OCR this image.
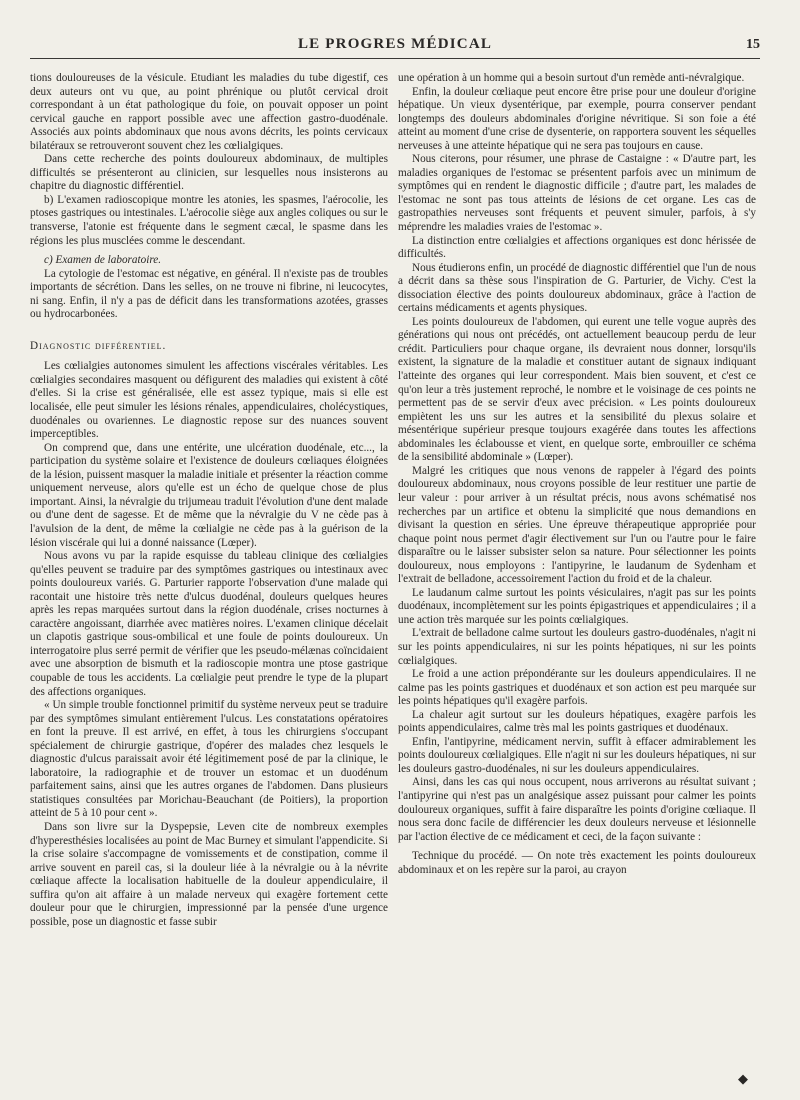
LE PROGRES MÉDICAL	15

tions douloureuses de la vésicule. Etudiant les maladies du tube digestif, ces deux auteurs ont vu que, au point phrénique ou plutôt cervical droit correspondant à un état pathologique du foie, on pouvait opposer un point cervical gauche en rapport possible avec une affection gastro-duodénale. Associés aux points abdominaux que nous avons décrits, les points cervicaux bilatéraux se retrouveront souvent chez les cœlialgiques.

Dans cette recherche des points douloureux abdominaux, de multiples difficultés se présenteront au clinicien, sur lesquelles nous insisterons au chapitre du diagnostic différentiel.

b) L'examen radioscopique montre les atonies, les spasmes, l'aérocolie, les ptoses gastriques ou intestinales. L'aérocolie siège aux angles coliques ou sur le transverse, l'atonie est fréquente dans le segment cæcal, le spasme dans les régions les plus musclées comme le descendant.

c) Examen de laboratoire.

La cytologie de l'estomac est négative, en général. Il n'existe pas de troubles importants de sécrétion. Dans les selles, on ne trouve ni fibrine, ni leucocytes, ni sang. Enfin, il n'y a pas de déficit dans les transformations azotées, grasses ou hydrocarbonées.

Diagnostic différentiel.

Les cœlialgies autonomes simulent les affections viscérales véritables. Les cœlialgies secondaires masquent ou défigurent des maladies qui existent à côté d'elles. Si la crise est généralisée, elle est assez typique, mais si elle est localisée, elle peut simuler les lésions rénales, appendiculaires, cholécystiques, duodénales ou ovariennes. Le diagnostic repose sur des nuances souvent imperceptibles.

On comprend que, dans une entérite, une ulcération duodénale, etc..., la participation du système solaire et l'existence de douleurs cœliaques éloignées de la lésion, puissent masquer la maladie initiale et présenter la réaction comme uniquement nerveuse, alors qu'elle est un écho de quelque chose de plus important. Ainsi, la névralgie du trijumeau traduit l'évolution d'une dent malade ou d'une dent de sagesse. Et de même que la névralgie du V ne cède pas à l'avulsion de la dent, de même la cœlialgie ne cède pas à la guérison de la lésion viscérale qui lui a donné naissance (Lœper).

Nous avons vu par la rapide esquisse du tableau clinique des cœlialgies qu'elles peuvent se traduire par des symptômes gastriques ou intestinaux avec points douloureux variés. G. Parturier rapporte l'observation d'une malade qui racontait une histoire très nette d'ulcus duodénal, douleurs quelques heures après les repas marquées surtout dans la région duodénale, crises nocturnes à caractère angoissant, diarrhée avec matières noires. L'examen clinique décelait un clapotis gastrique sous-ombilical et une foule de points douloureux. Un interrogatoire plus serré permit de vérifier que les pseudo-mélænas coïncidaient avec une absorption de bismuth et la radioscopie montra une ptose gastrique coupable de tous les accidents. La cœlialgie peut prendre le type de la plupart des affections organiques.

« Un simple trouble fonctionnel primitif du système nerveux peut se traduire par des symptômes simulant entièrement l'ulcus. Les constatations opératoires en font la preuve. Il est arrivé, en effet, à tous les chirurgiens s'occupant spécialement de chirurgie gastrique, d'opérer des malades chez lesquels le diagnostic d'ulcus paraissait avoir été légitimement posé de par la clinique, le laboratoire, la radiographie et de trouver un estomac et un duodénum parfaitement sains, ainsi que les autres organes de l'abdomen. Dans plusieurs statistiques consultées par Morichau-Beauchant (de Poitiers), la proportion atteint de 5 à 10 pour cent ».

Dans son livre sur la Dyspepsie, Leven cite de nombreux exemples d'hyperesthésies localisées au point de Mac Burney et simulant l'appendicite. Si la crise solaire s'accompagne de vomissements et de constipation, comme il arrive souvent en pareil cas, si la douleur liée à la névralgie ou à la névrite cœliaque affecte la localisation habituelle de la douleur appendiculaire, il suffira qu'on ait affaire à un malade nerveux qui exagère fortement cette douleur pour que le chirurgien, impressionné par la pensée d'une urgence possible, pose un diagnostic et fasse subir

une opération à un homme qui a besoin surtout d'un remède anti-névralgique.

Enfin, la douleur cœliaque peut encore être prise pour une douleur d'origine hépatique. Un vieux dysentérique, par exemple, pourra conserver pendant longtemps des douleurs abdominales d'origine névritique. Si son foie a été atteint au moment d'une crise de dysenterie, on rapportera souvent les séquelles nerveuses à une atteinte hépatique qui ne sera pas toujours en cause.

Nous citerons, pour résumer, une phrase de Castaigne : « D'autre part, les maladies organiques de l'estomac se présentent parfois avec un minimum de symptômes qui en rendent le diagnostic difficile ; d'autre part, les malades de l'estomac ne sont pas tous atteints de lésions de cet organe. Les cas de gastropathies nerveuses sont fréquents et peuvent simuler, parfois, à s'y méprendre les maladies vraies de l'estomac ».

La distinction entre cœlialgies et affections organiques est donc hérissée de difficultés.

Nous étudierons enfin, un procédé de diagnostic différentiel que l'un de nous a décrit dans sa thèse sous l'inspiration de G. Parturier, de Vichy. C'est la dissociation élective des points douloureux abdominaux, grâce à l'action de certains médicaments et agents physiques.

Les points douloureux de l'abdomen, qui eurent une telle vogue auprès des générations qui nous ont précédés, ont actuellement beaucoup perdu de leur crédit. Particuliers pour chaque organe, ils devraient nous donner, lorsqu'ils existent, la signature de la maladie et constituer autant de signaux indiquant l'atteinte des organes qui leur correspondent. Mais bien souvent, et c'est ce qu'on leur a très justement reproché, le nombre et le voisinage de ces points ne permettent pas de se servir d'eux avec précision. « Les points douloureux empiètent les uns sur les autres et la sensibilité du plexus solaire et mésentérique supérieur presque toujours exagérée dans toutes les affections abdominales les éclabousse et vient, en quelque sorte, embrouiller ce schéma de la sensibilité abdominale » (Lœper).

Malgré les critiques que nous venons de rappeler à l'égard des points douloureux abdominaux, nous croyons possible de leur restituer une partie de leur valeur : pour arriver à un résultat précis, nous avons schématisé nos recherches par un artifice et obtenu la simplicité que nous demandions en divisant la question en séries. Une épreuve thérapeutique appropriée pour chaque point nous permet d'agir électivement sur l'un ou l'autre pour le faire disparaître ou le laisser subsister selon sa nature. Pour sélectionner les points douloureux, nous employons : l'antipyrine, le laudanum de Sydenham et l'extrait de belladone, accessoirement l'action du froid et de la chaleur.

Le laudanum calme surtout les points vésiculaires, n'agit pas sur les points duodénaux, incomplètement sur les points épigastriques et appendiculaires ; il a une action très marquée sur les points cœlialgiques.

L'extrait de belladone calme surtout les douleurs gastro-duodénales, n'agit ni sur les points appendiculaires, ni sur les points hépatiques, ni sur les points cœlialgiques.

Le froid a une action prépondérante sur les douleurs appendiculaires. Il ne calme pas les points gastriques et duodénaux et son action est peu marquée sur les points hépatiques qu'il exagère parfois.

La chaleur agit surtout sur les douleurs hépatiques, exagère parfois les points appendiculaires, calme très mal les points gastriques et duodénaux.

Enfin, l'antipyrine, médicament nervin, suffit à effacer admirablement les points douloureux cœlialgiques. Elle n'agit ni sur les douleurs hépatiques, ni sur les douleurs gastro-duodénales, ni sur les douleurs appendiculaires.

Ainsi, dans les cas qui nous occupent, nous arriverons au résultat suivant ; l'antipyrine qui n'est pas un analgésique assez puissant pour calmer les points douloureux organiques, suffit à faire disparaître les points d'origine cœliaque. Il nous sera donc facile de différencier les deux douleurs nerveuse et lésionnelle par l'action élective de ce médicament et ceci, de la façon suivante :

Technique du procédé. — On note très exactement les points douloureux abdominaux et on les repère sur la paroi, au crayon

◆
